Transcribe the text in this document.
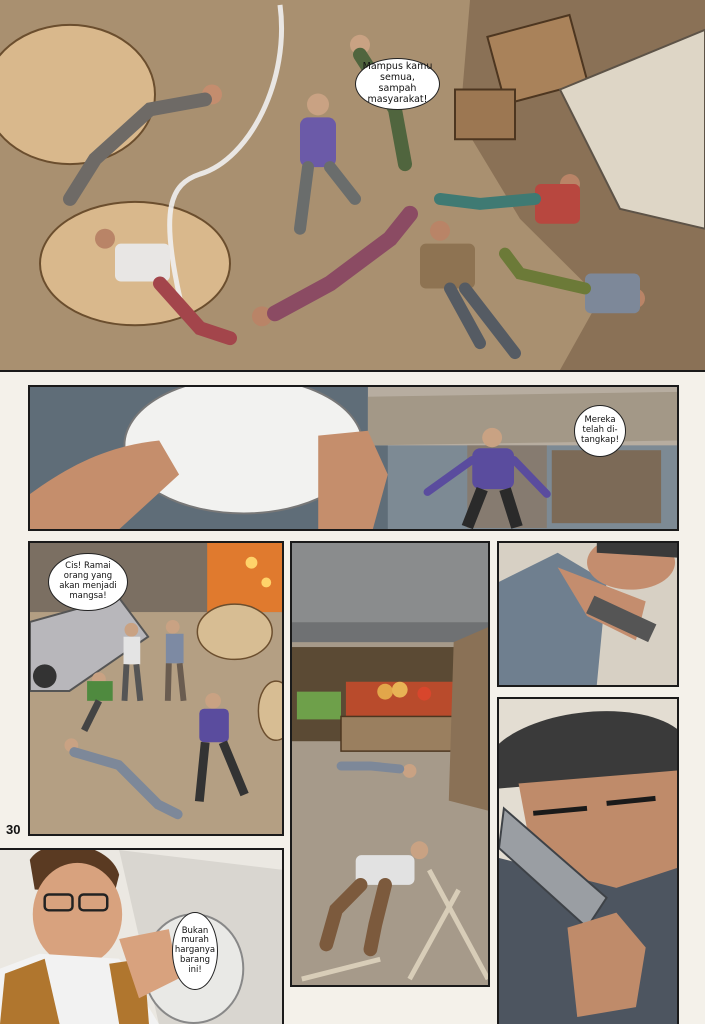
Mampus kamu
semua, sampah
masyarakat!
Mereka
telah di-
tangkap!
Cis! Ramai
orang yang
akan menjadi
mangsa!
Bukan
murah
harganya
barang
ini!
30
